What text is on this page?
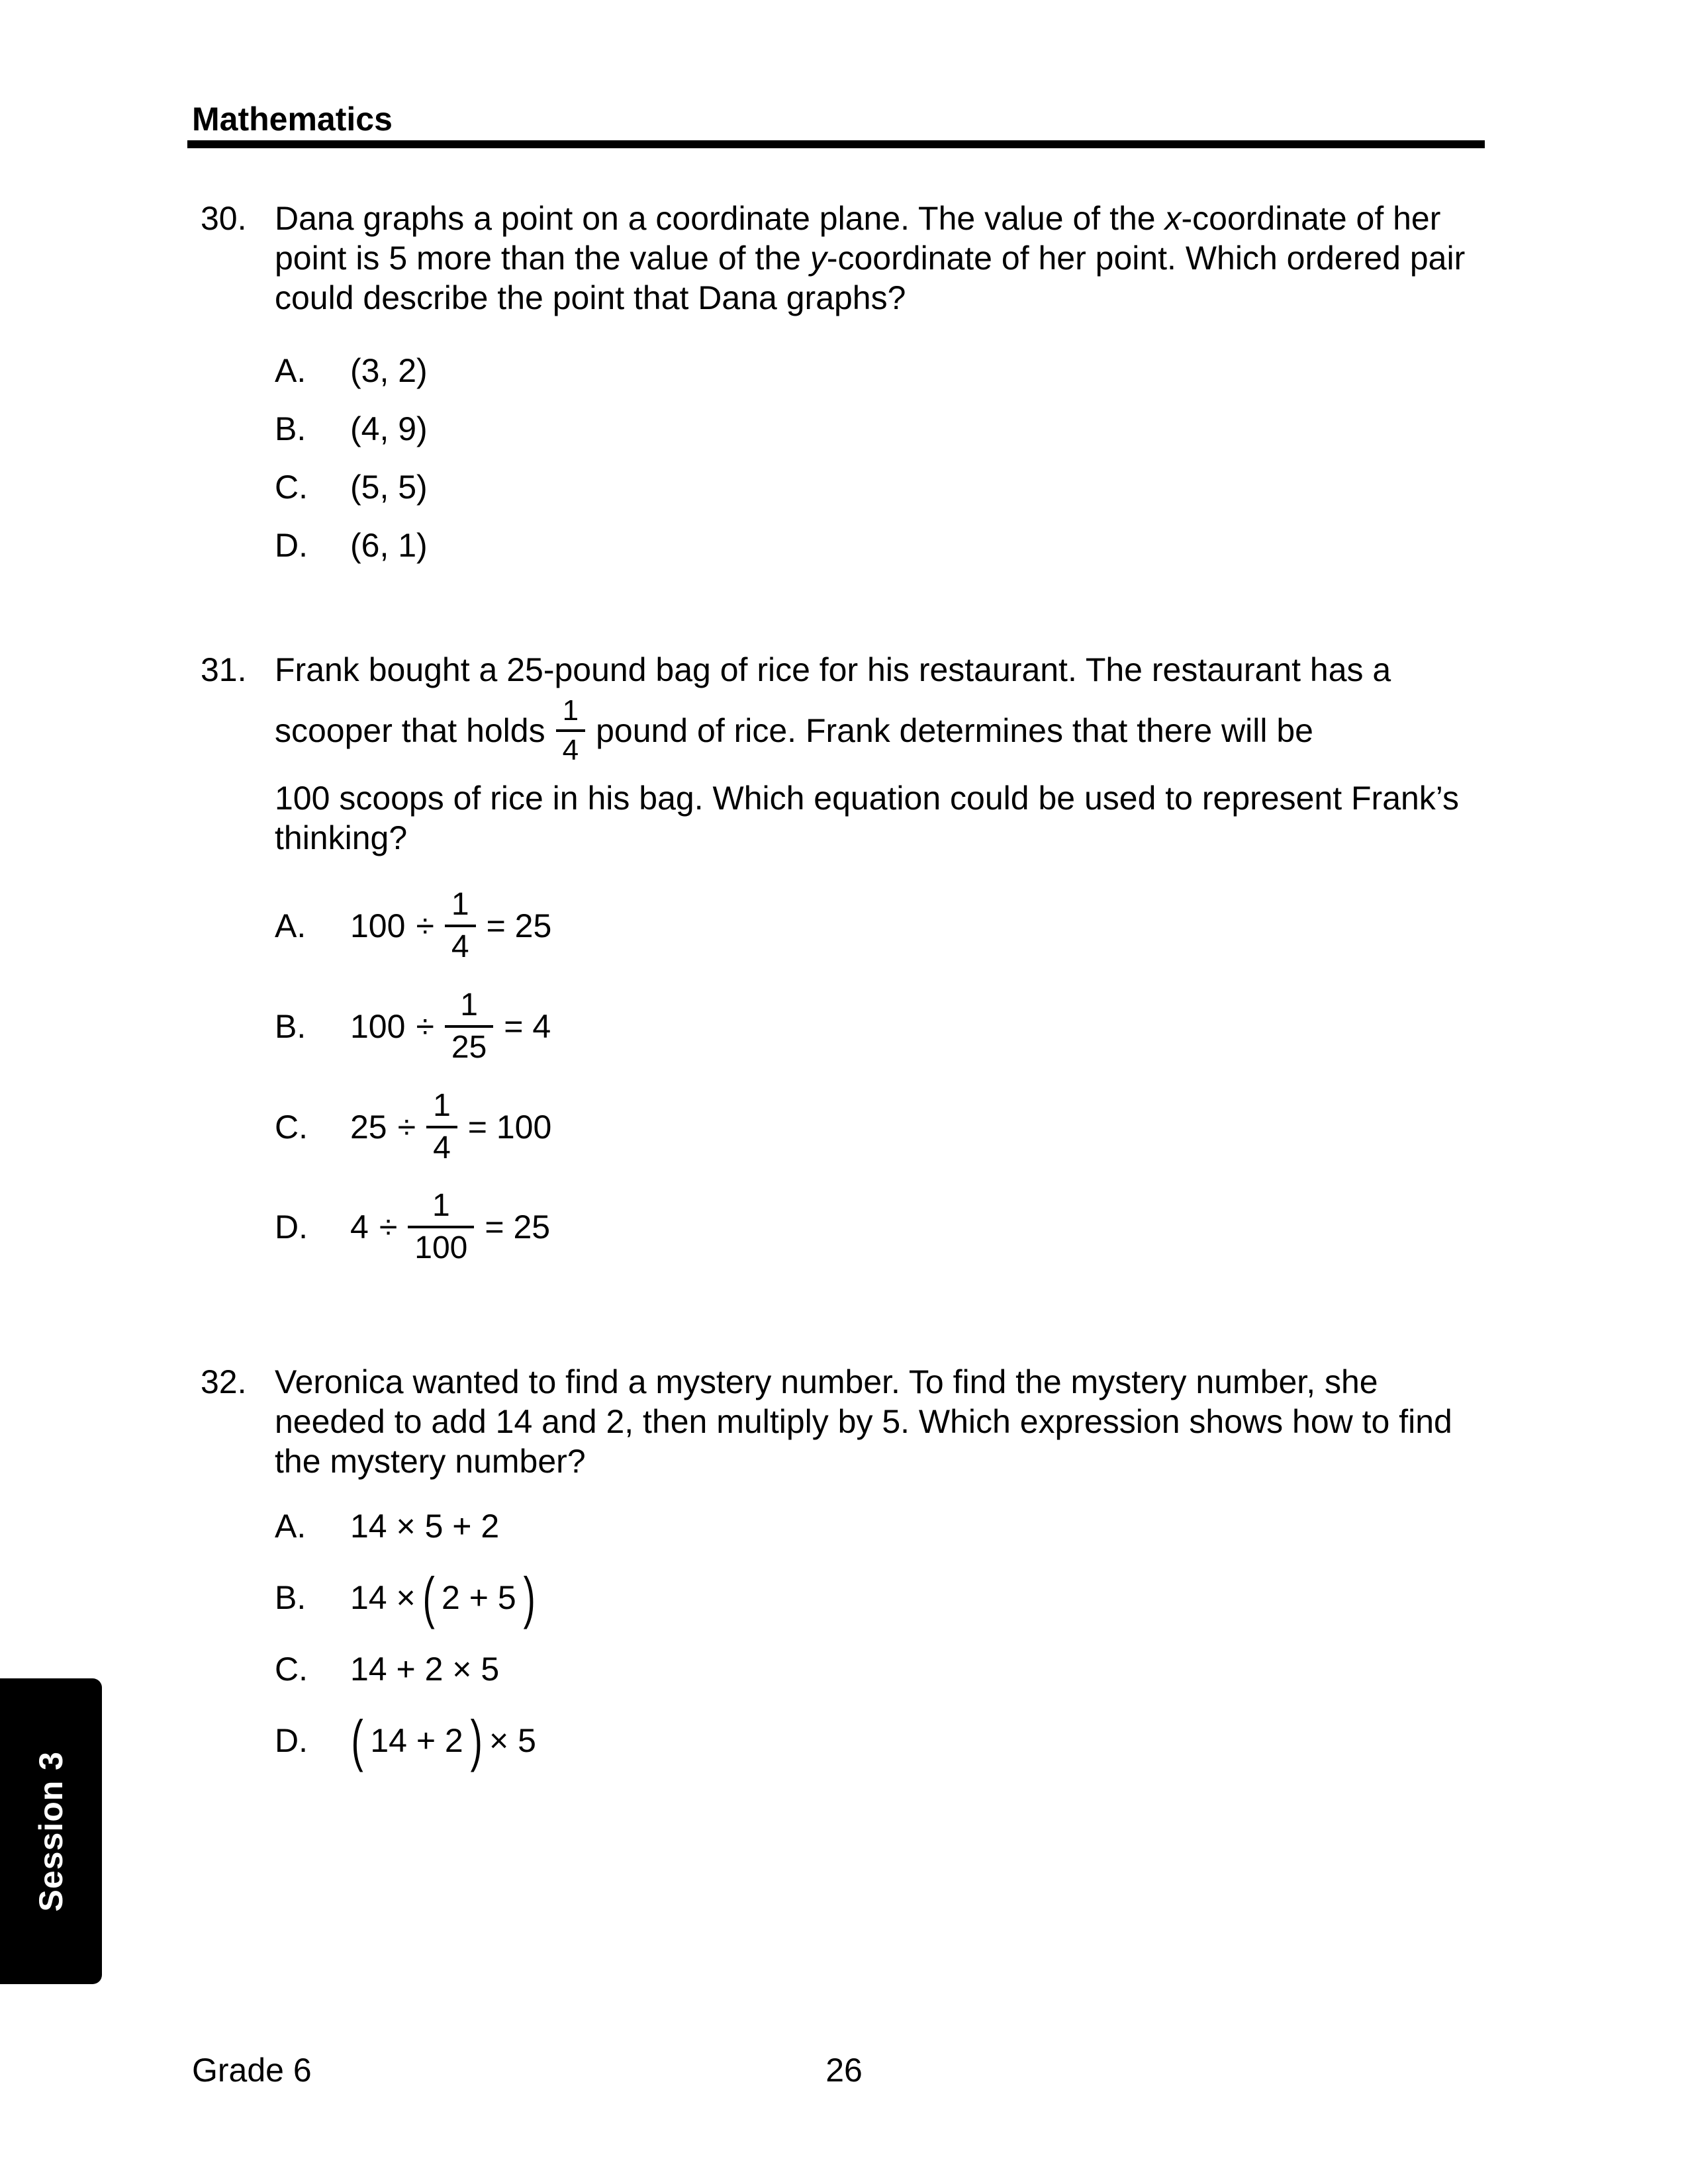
Mathematics
30. Dana graphs a point on a coordinate plane. The value of the x-coordinate of her
point is 5 more than the value of the y-coordinate of her point. Which ordered pair
could describe the point that Dana graphs?
A.	(3, 2)
B.	(4, 9)
C.	(5, 5)
D.	(6, 1)
31. Frank bought a 25-pound bag of rice for his restaurant. The restaurant has a
scooper that holds $\frac{1}{4}$ pound of rice. Frank determines that there will be
100 scoops of rice in his bag. Which equation could be used to represent Frank’s
thinking?
A.	$100 \div \frac{1}{4} = 25$
B.	$100 \div \frac{1}{25} = 4$
C.	$25 \div \frac{1}{4} = 100$
D.	$4 \div \frac{1}{100} = 25$
32. Veronica wanted to find a mystery number. To find the mystery number, she
needed to add 14 and 2, then multiply by 5. Which expression shows how to find
the mystery number?
A.	14 × 5 + 2
B.	14 × ( 2 + 5 )
C.	14 + 2 × 5
D.	( 14 + 2 ) × 5
Session 3
Grade 6	26
